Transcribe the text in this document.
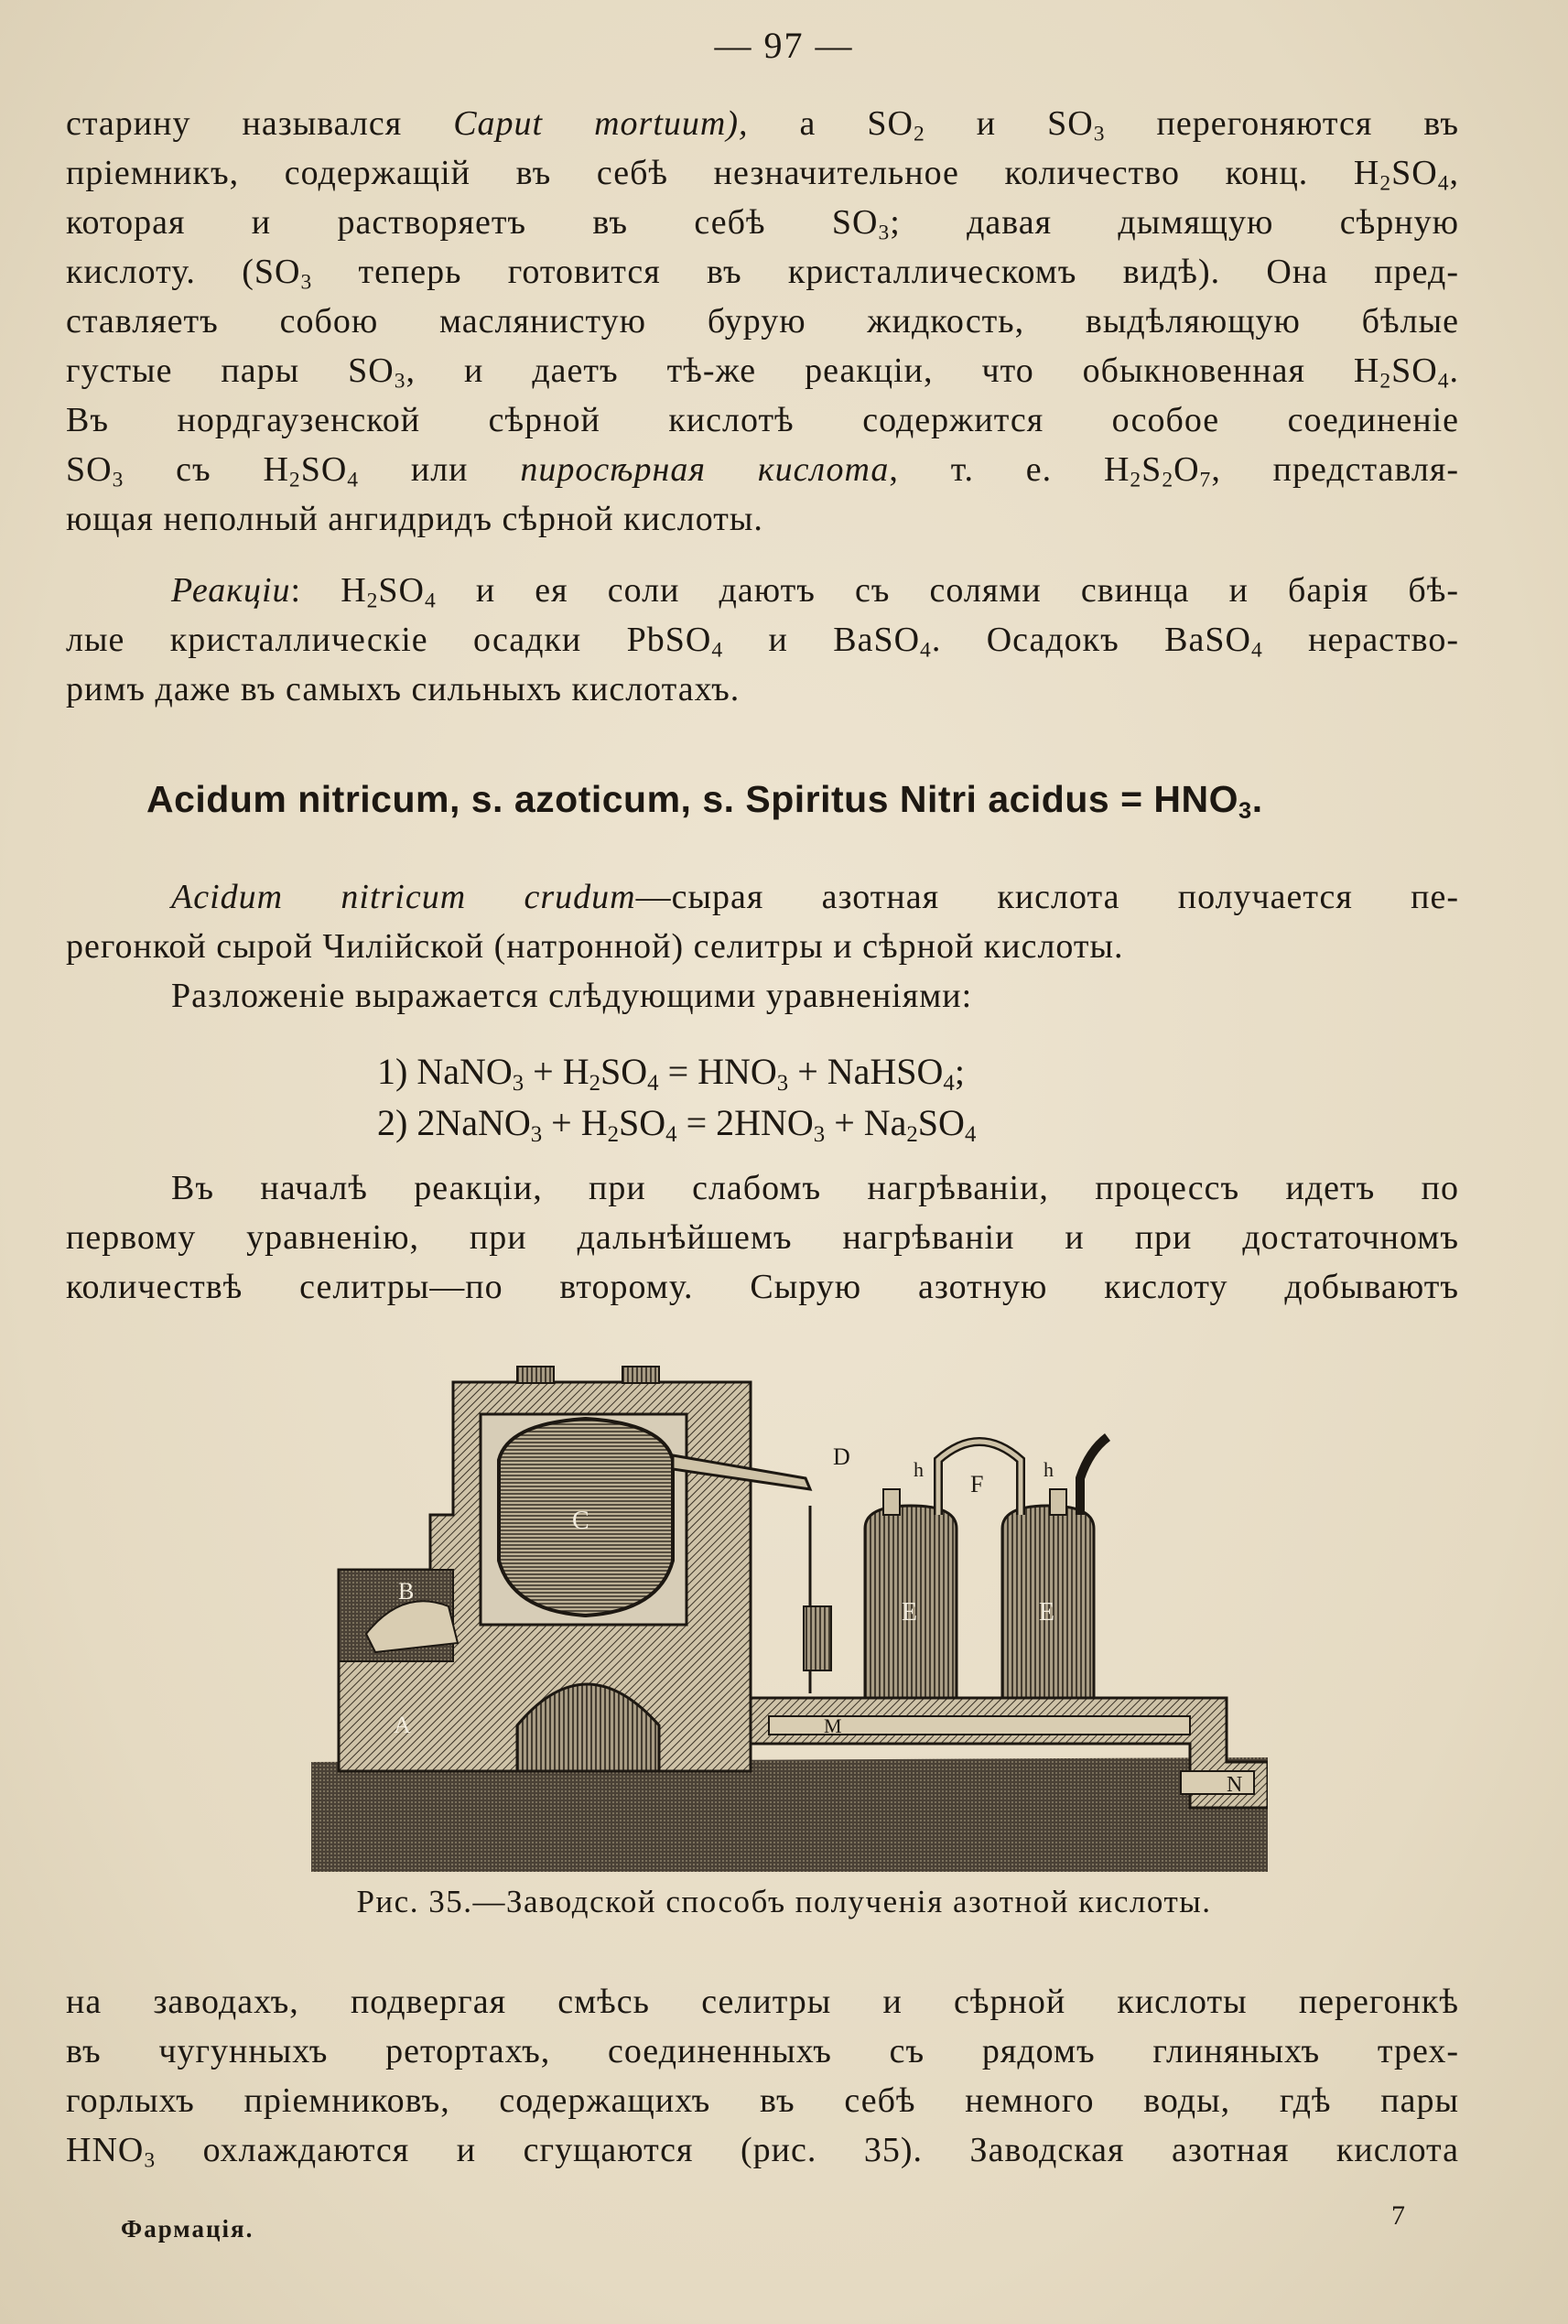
— 97 —
старину назывался Caput mortuum), а $SO_2$ и $SO_3$ перегоняются въ
пріемникъ, содержащій въ себѣ незначительное количество конц. $H_2SO_4$,
которая и растворяетъ въ себѣ $SO_3$; давая дымящую сѣрную
кислоту. ($SO_3$ теперь готовится въ кристаллическомъ видѣ). Она пред-
ставляетъ собою маслянистую бурую жидкость, выдѣляющую бѣлые
густые пары $SO_3$, и даетъ тѣ-же реакціи, что обыкновенная $H_2SO_4$.
Въ нордгаузенской сѣрной кислотѣ содержится особое соединеніе
$SO_3$ съ $H_2SO_4$ или пиросѣрная кислота, т. е. $H_2S_2O_7$, представля-
ющая неполный ангидридъ сѣрной кислоты.
Реакціи: $H_2SO_4$ и ея соли даютъ съ солями свинца и барія бѣ-
лые кристаллическіе осадки PbSO$_4$ и BaSO$_4$. Осадокъ BaSO$_4$ нераство-
римъ даже въ самыхъ сильныхъ кислотахъ.
Acidum nitricum, s. azoticum, s. Spiritus Nitri acidus = $HNO_3$.
Acidum nitricum crudum—сырая азотная кислота получается пе-
регонкой сырой Чилійской (натронной) селитры и сѣрной кислоты.
Разложеніе выражается слѣдующими уравненіями:
1) NaNO$_3$ + $H_2SO_4 = HNO_3$ + NaHSO$_4$;
2) 2NaNO$_3$ + $H_2SO_4 = 2HNO_3 + Na_2SO_4$
Въ началѣ реакціи, при слабомъ нагрѣваніи, процессъ идетъ по
первому уравненію, при дальнѣйшемъ нагрѣваніи и при достаточномъ
количествѣ селитры—по второму. Сырую азотную кислоту добываютъ
A
B
C
D
E	E
F
M
N
h	h
Рис. 35.—Заводской способъ полученія азотной кислоты.
на заводахъ, подвергая смѣсь селитры и сѣрной кислоты перегонкѣ
въ чугунныхъ ретортахъ, соединенныхъ съ рядомъ глиняныхъ трех-
горлыхъ пріемниковъ, содержащихъ въ себѣ немного воды, гдѣ пары
$HNO_3$ охлаждаются и сгущаются (рис. 35). Заводская азотная кислота
Фармація.	7
